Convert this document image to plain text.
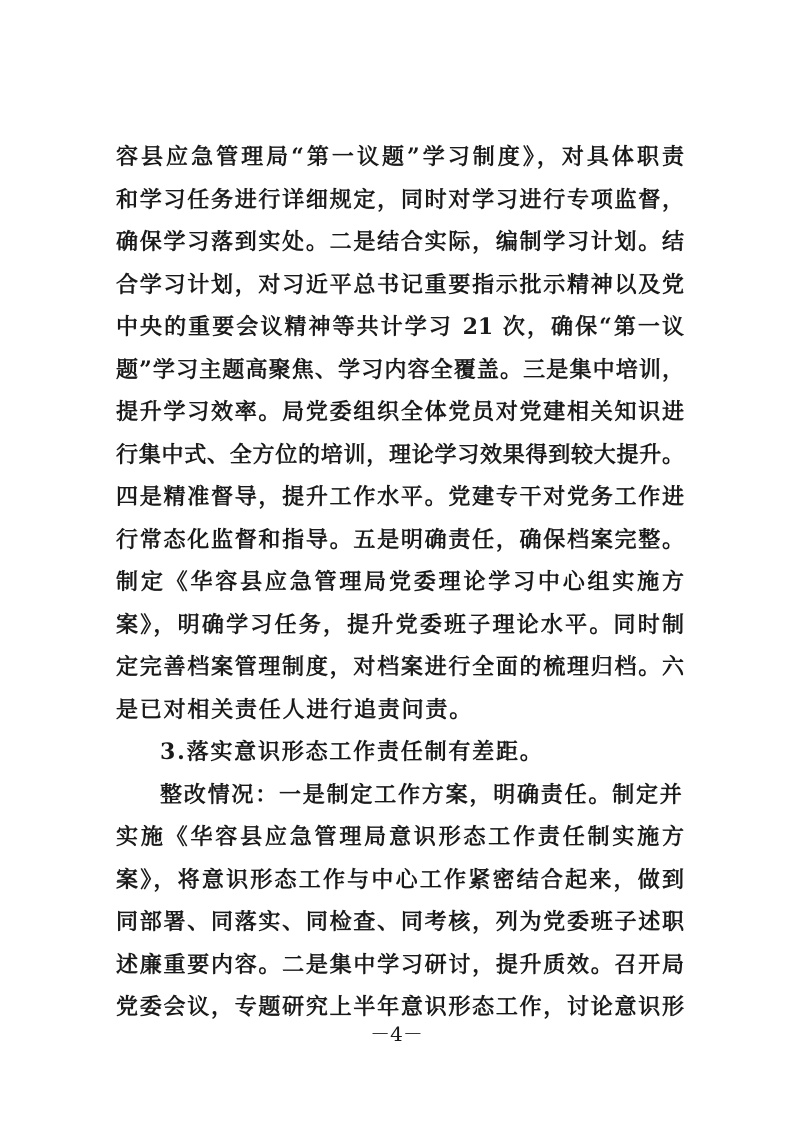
容县应急管理局“第一议题”学习制度》，对具体职责
和学习任务进行详细规定，同时对学习进行专项监督，
确保学习落到实处。二是结合实际，编制学习计划。结
合学习计划，对习近平总书记重要指示批示精神以及党
中央的重要会议精神等共计学习 21 次，确保“第一议
题”学习主题高聚焦、学习内容全覆盖。三是集中培训，
提升学习效率。局党委组织全体党员对党建相关知识进
行集中式、全方位的培训，理论学习效果得到较大提升。
四是精准督导，提升工作水平。党建专干对党务工作进
行常态化监督和指导。五是明确责任，确保档案完整。
制定《华容县应急管理局党委理论学习中心组实施方
案》，明确学习任务，提升党委班子理论水平。同时制
定完善档案管理制度，对档案进行全面的梳理归档。六
是已对相关责任人进行追责问责。
3.落实意识形态工作责任制有差距。
整改情况：一是制定工作方案，明确责任。制定并
实施《华容县应急管理局意识形态工作责任制实施方
案》，将意识形态工作与中心工作紧密结合起来，做到
同部署、同落实、同检查、同考核，列为党委班子述职
述廉重要内容。二是集中学习研讨，提升质效。召开局
党委会议，专题研究上半年意识形态工作，讨论意识形
－4－
